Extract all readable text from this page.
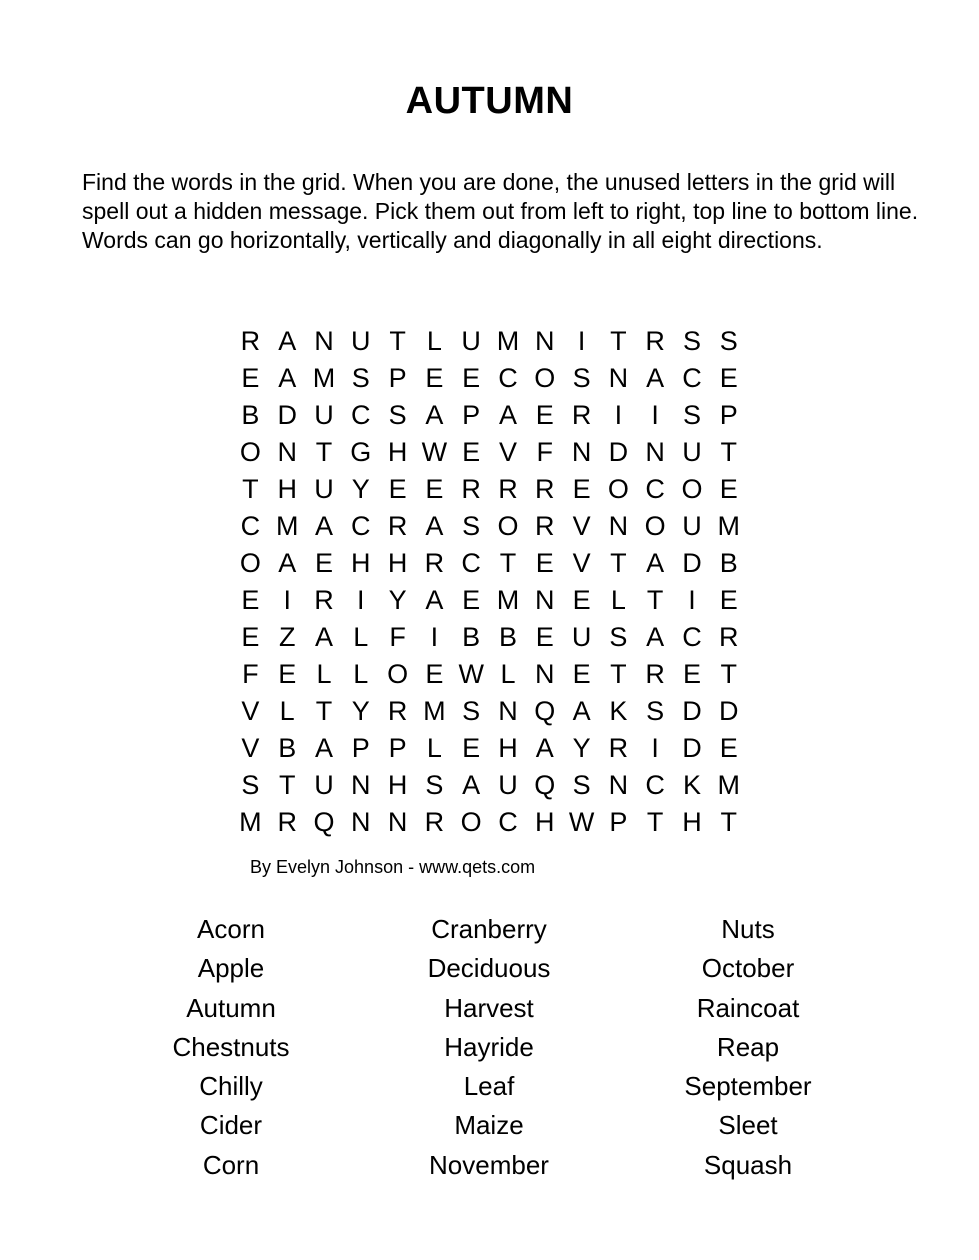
AUTUMN
Find the words in the grid. When you are done, the unused letters in the grid will spell out a hidden message. Pick them out from left to right, top line to bottom line. Words can go horizontally, vertically and diagonally in all eight directions.
R	A	N	U	T	L	U	M	N	I	T	R	S	S
E	A	M	S	P	E	E	C	O	S	N	A	C	E
B	D	U	C	S	A	P	A	E	R	I	I	S	P
O	N	T	G	H	W	E	V	F	N	D	N	U	T
T	H	U	Y	E	E	R	R	R	E	O	C	O	E
C	M	A	C	R	A	S	O	R	V	N	O	U	M
O	A	E	H	H	R	C	T	E	V	T	A	D	B
E	I	R	I	Y	A	E	M	N	E	L	T	I	E
E	Z	A	L	F	I	B	B	E	U	S	A	C	R
F	E	L	L	O	E	W	L	N	E	T	R	E	T
V	L	T	Y	R	M	S	N	Q	A	K	S	D	D
V	B	A	P	P	L	E	H	A	Y	R	I	D	E
S	T	U	N	H	S	A	U	Q	S	N	C	K	M
M	R	Q	N	N	R	O	C	H	W	P	T	H	T
By Evelyn Johnson - www.qets.com
Acorn
Apple
Autumn
Chestnuts
Chilly
Cider
Corn
Cranberry
Deciduous
Harvest
Hayride
Leaf
Maize
November
Nuts
October
Raincoat
Reap
September
Sleet
Squash
